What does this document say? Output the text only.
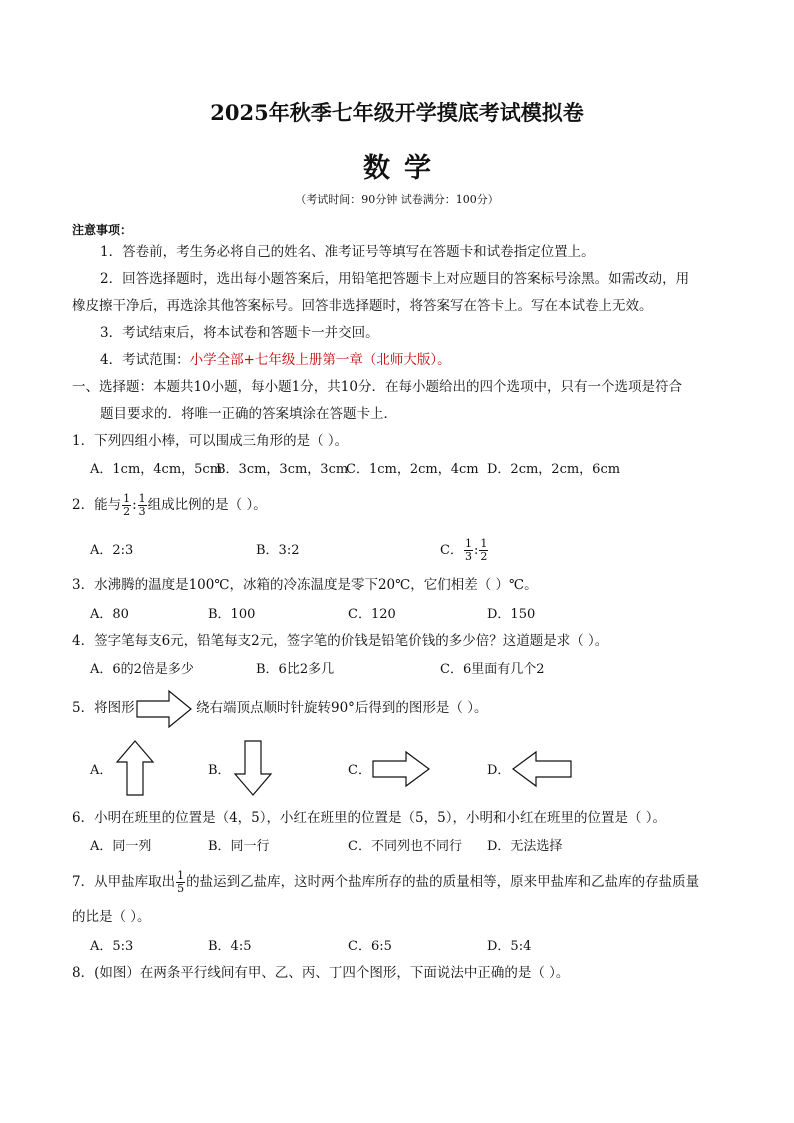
2025年秋季七年级开学摸底考试模拟卷
数学
（考试时间：90分钟 试卷满分：100分）
注意事项：
1．答卷前，考生务必将自己的姓名、准考证号等填写在答题卡和试卷指定位置上。
2．回答选择题时，选出每小题答案后，用铅笔把答题卡上对应题目的答案标号涂黑。如需改动，用
橡皮擦干净后，再选涂其他答案标号。回答非选择题时，将答案写在答卡上。写在本试卷上无效。
3．考试结束后，将本试卷和答题卡一并交回。
4．考试范围：小学全部+七年级上册第一章（北师大版）。
一、选择题：本题共10小题，每小题1分，共10分．在每小题给出的四个选项中，只有一个选项是符合
题目要求的．将唯一正确的答案填涂在答题卡上．
1．下列四组小棒，可以围成三角形的是（ ）。
A．1cm，4cm，5cm
B．3cm，3cm，3cm
C．1cm，2cm，4cm D．2cm，2cm，6cm
2．能与 $\frac{1}{2}$ : $\frac{1}{3}$ 组成比例的是（ ）。
A．2:3	B．3:2	C． $\frac{1}{3}$ : $\frac{1}{2}$
3．水沸腾的温度是100℃，冰箱的冷冻温度是零下20℃，它们相差（ ）℃。
A．80	B．100	C．120	D．150
4．签字笔每支6元，铅笔每支2元，签字笔的价钱是铅笔价钱的多少倍？这道题是求（ ）。
A．6的2倍是多少	B．6比2多几	C．6里面有几个2
5．将图形	绕右端顶点顺时针旋转90°后得到的图形是（ ）。
A．	B．	C．	D．
6．小明在班里的位置是（4，5），小红在班里的位置是（5，5），小明和小红在班里的位置是（ ）。
A．同一列	B．同一行	C．不同列也不同行 D．无法选择
7．从甲盐库取出 $\frac{1}{5}$ 的盐运到乙盐库，这时两个盐库所存的盐的质量相等，原来甲盐库和乙盐库的存盐质量
的比是（ ）。
A．5:3	B．4:5	C．6:5	D．5:4
8．(如图）在两条平行线间有甲、乙、丙、丁四个图形，下面说法中正确的是（ ）。
